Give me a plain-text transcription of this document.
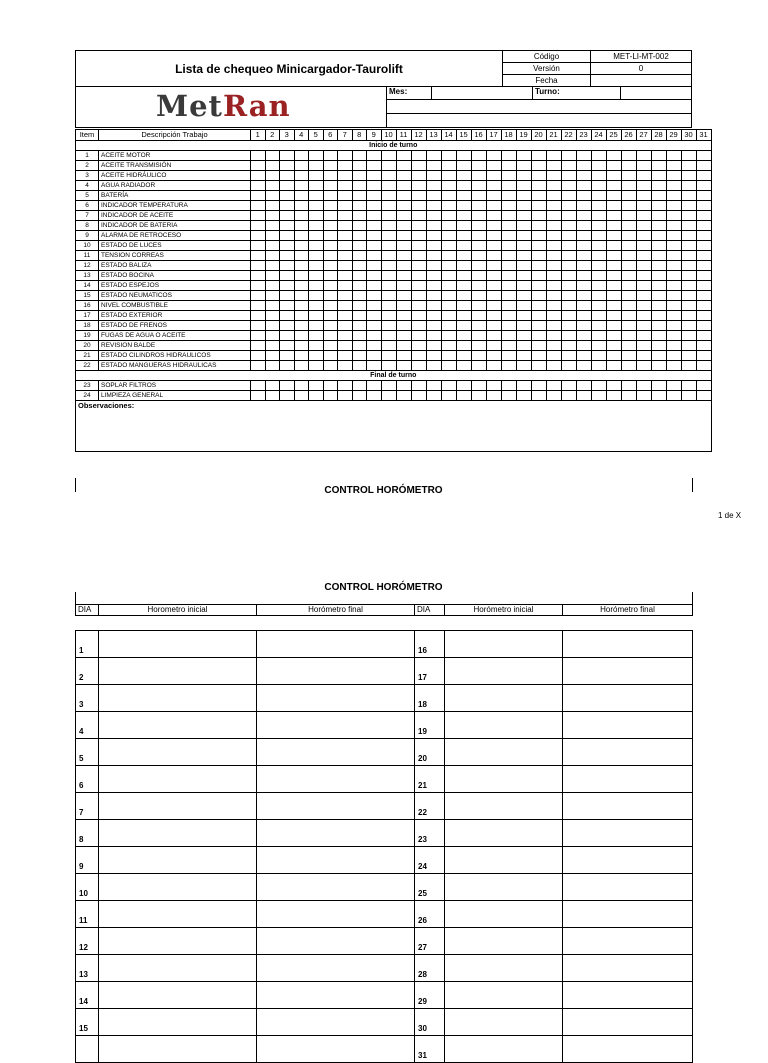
Lista de chequeo Minicargador-Taurolift	Código	MET-LI-MT-002
	Versión	0
	Fecha	
MetRan	Mes:	Turno:
Item	Descripción Trabajo	1	2	3	4	5	6	7	8	9	10	11	12	13	14	15	16	17	18	19	20	21	22	23	24	25	26	27	28	29	30	31
Inicio de turno																																
1	ACEITE MOTOR																															
2	ACEITE TRANSMISIÓN																															
3	ACEITE HIDRÁULICO																															
4	AGUA RADIADOR																															
5	BATERÍA																															
6	INDICADOR TEMPERATURA																															
7	INDICADOR DE ACEITE																															
8	INDICADOR DE BATERIA																															
9	ALARMA DE RETROCESO																															
10	ESTADO DE LUCES																															
11	TENSION CORREAS																															
12	ESTADO BALIZA																															
13	ESTADO BOCINA																															
14	ESTADO ESPEJOS																															
15	ESTADO NEUMATICOS																															
16	NIVEL COMBUSTIBLE																															
17	ESTADO EXTERIOR																															
18	ESTADO DE FRENOS																															
19	FUGAS DE AGUA O ACEITE																															
20	REVISION BALDE																															
21	ESTADO CILINDROS HIDRAULICOS																															
22	ESTADO MANGUERAS HIDRAULICAS																															
Final de turno																																
23	SOPLAR FILTROS																															
24	LIMPIEZA GENERAL																															
Observaciones:																																
CONTROL HORÓMETRO
1 de X
CONTROL HORÓMETRO
DIA	Horometro inicial	Horómetro final	DIA	Horómetro inicial	Horómetro final

1			16		
2			17		
3			18		
4			19		
5			20		
6			21		
7			22		
8			23		
9			24		
10			25		
11			26		
12			27		
13			28		
14			29		
15			30		
			31		
